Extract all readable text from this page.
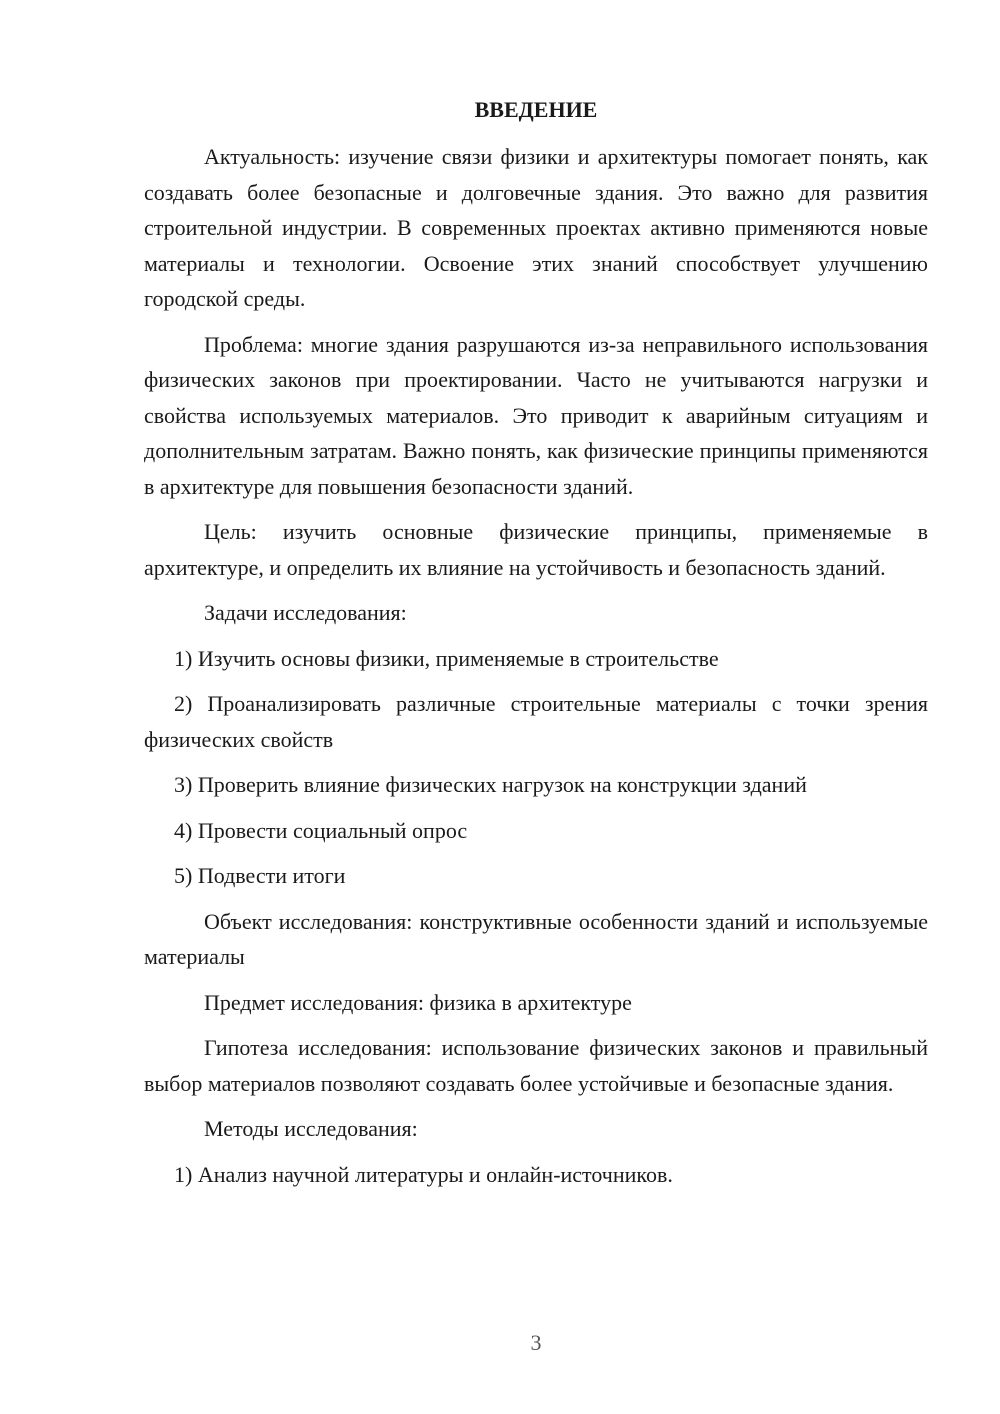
ВВЕДЕНИЕ

Актуальность: изучение связи физики и архитектуры помогает понять, как создавать более безопасные и долговечные здания. Это важно для развития строительной индустрии. В современных проектах активно применяются новые материалы и технологии. Освоение этих знаний способствует улучшению городской среды.

Проблема: многие здания разрушаются из-за неправильного использования физических законов при проектировании. Часто не учитываются нагрузки и свойства используемых материалов. Это приводит к аварийным ситуациям и дополнительным затратам. Важно понять, как физические принципы применяются в архитектуре для повышения безопасности зданий.

Цель: изучить основные физические принципы, применяемые в архитектуре, и определить их влияние на устойчивость и безопасность зданий.

Задачи исследования:

1) Изучить основы физики, применяемые в строительстве

2) Проанализировать различные строительные материалы с точки зрения физических свойств

3) Проверить влияние физических нагрузок на конструкции зданий

4) Провести социальный опрос

5) Подвести итоги

Объект исследования: конструктивные особенности зданий и используемые материалы

Предмет исследования: физика в архитектуре

Гипотеза исследования: использование физических законов и правильный выбор материалов позволяют создавать более устойчивые и безопасные здания.

Методы исследования:

1) Анализ научной литературы и онлайн-источников.

3
